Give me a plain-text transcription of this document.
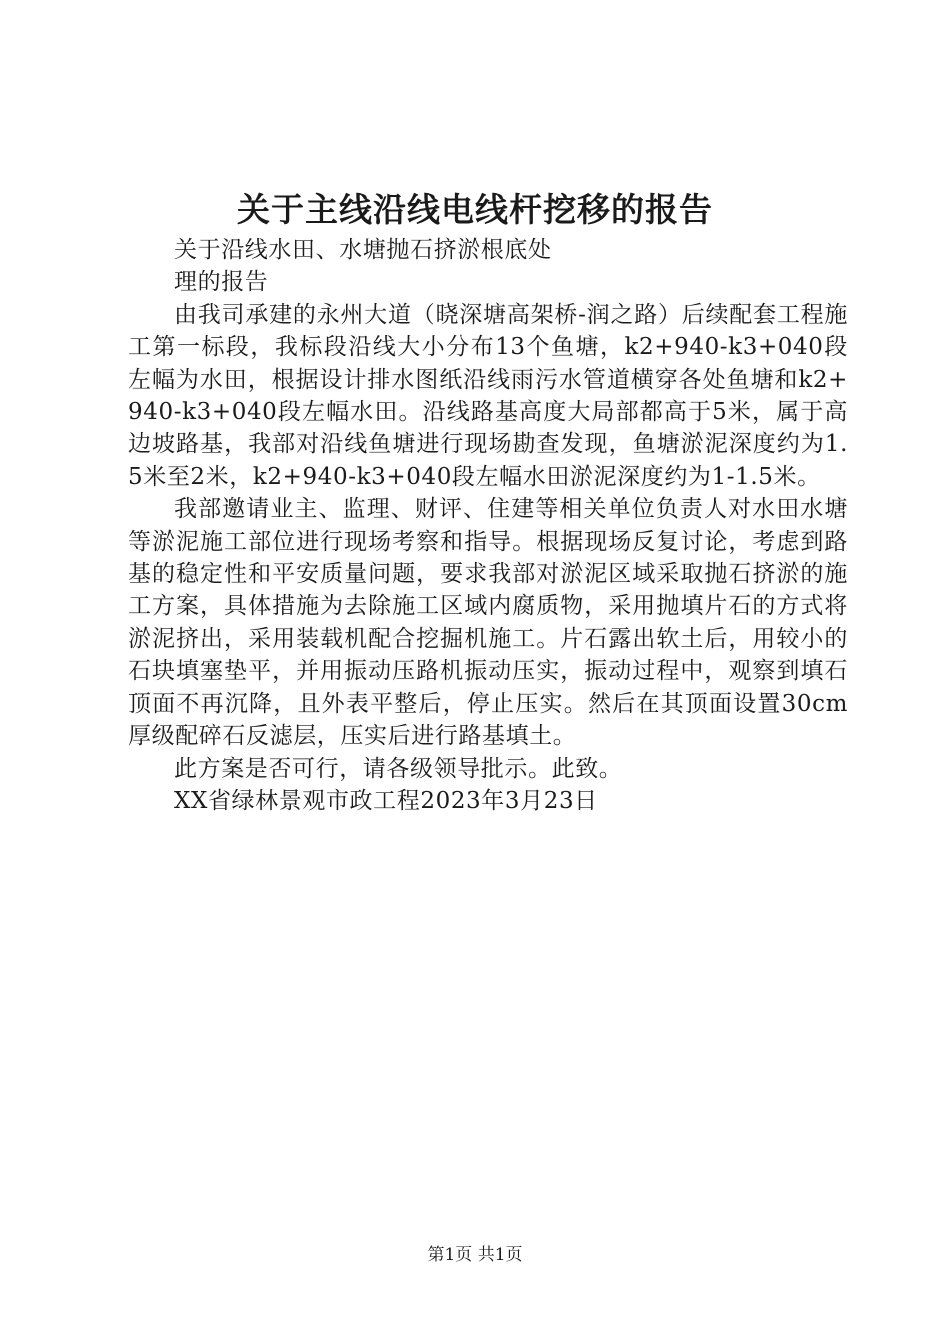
关于主线沿线电线杆挖移的报告

关于沿线水田、水塘抛石挤淤根底处

理的报告

由我司承建的永州大道（晓深塘高架桥-润之路）后续配套工程施工第一标段，我标段沿线大小分布13个鱼塘，k2+940-k3+040段左幅为水田，根据设计排水图纸沿线雨污水管道横穿各处鱼塘和k2+940-k3+040段左幅水田。沿线路基高度大局部都高于5米，属于高边坡路基，我部对沿线鱼塘进行现场勘查发现，鱼塘淤泥深度约为1.5米至2米，k2+940-k3+040段左幅水田淤泥深度约为1-1.5米。

我部邀请业主、监理、财评、住建等相关单位负责人对水田水塘等淤泥施工部位进行现场考察和指导。根据现场反复讨论，考虑到路基的稳定性和平安质量问题，要求我部对淤泥区域采取抛石挤淤的施工方案，具体措施为去除施工区域内腐质物，采用抛填片石的方式将淤泥挤出，采用装载机配合挖掘机施工。片石露出软土后，用较小的石块填塞垫平，并用振动压路机振动压实，振动过程中，观察到填石顶面不再沉降，且外表平整后，停止压实。然后在其顶面设置30cm厚级配碎石反滤层，压实后进行路基填土。

此方案是否可行，请各级领导批示。此致。

XX省绿林景观市政工程2023年3月23日

第1页 共1页
